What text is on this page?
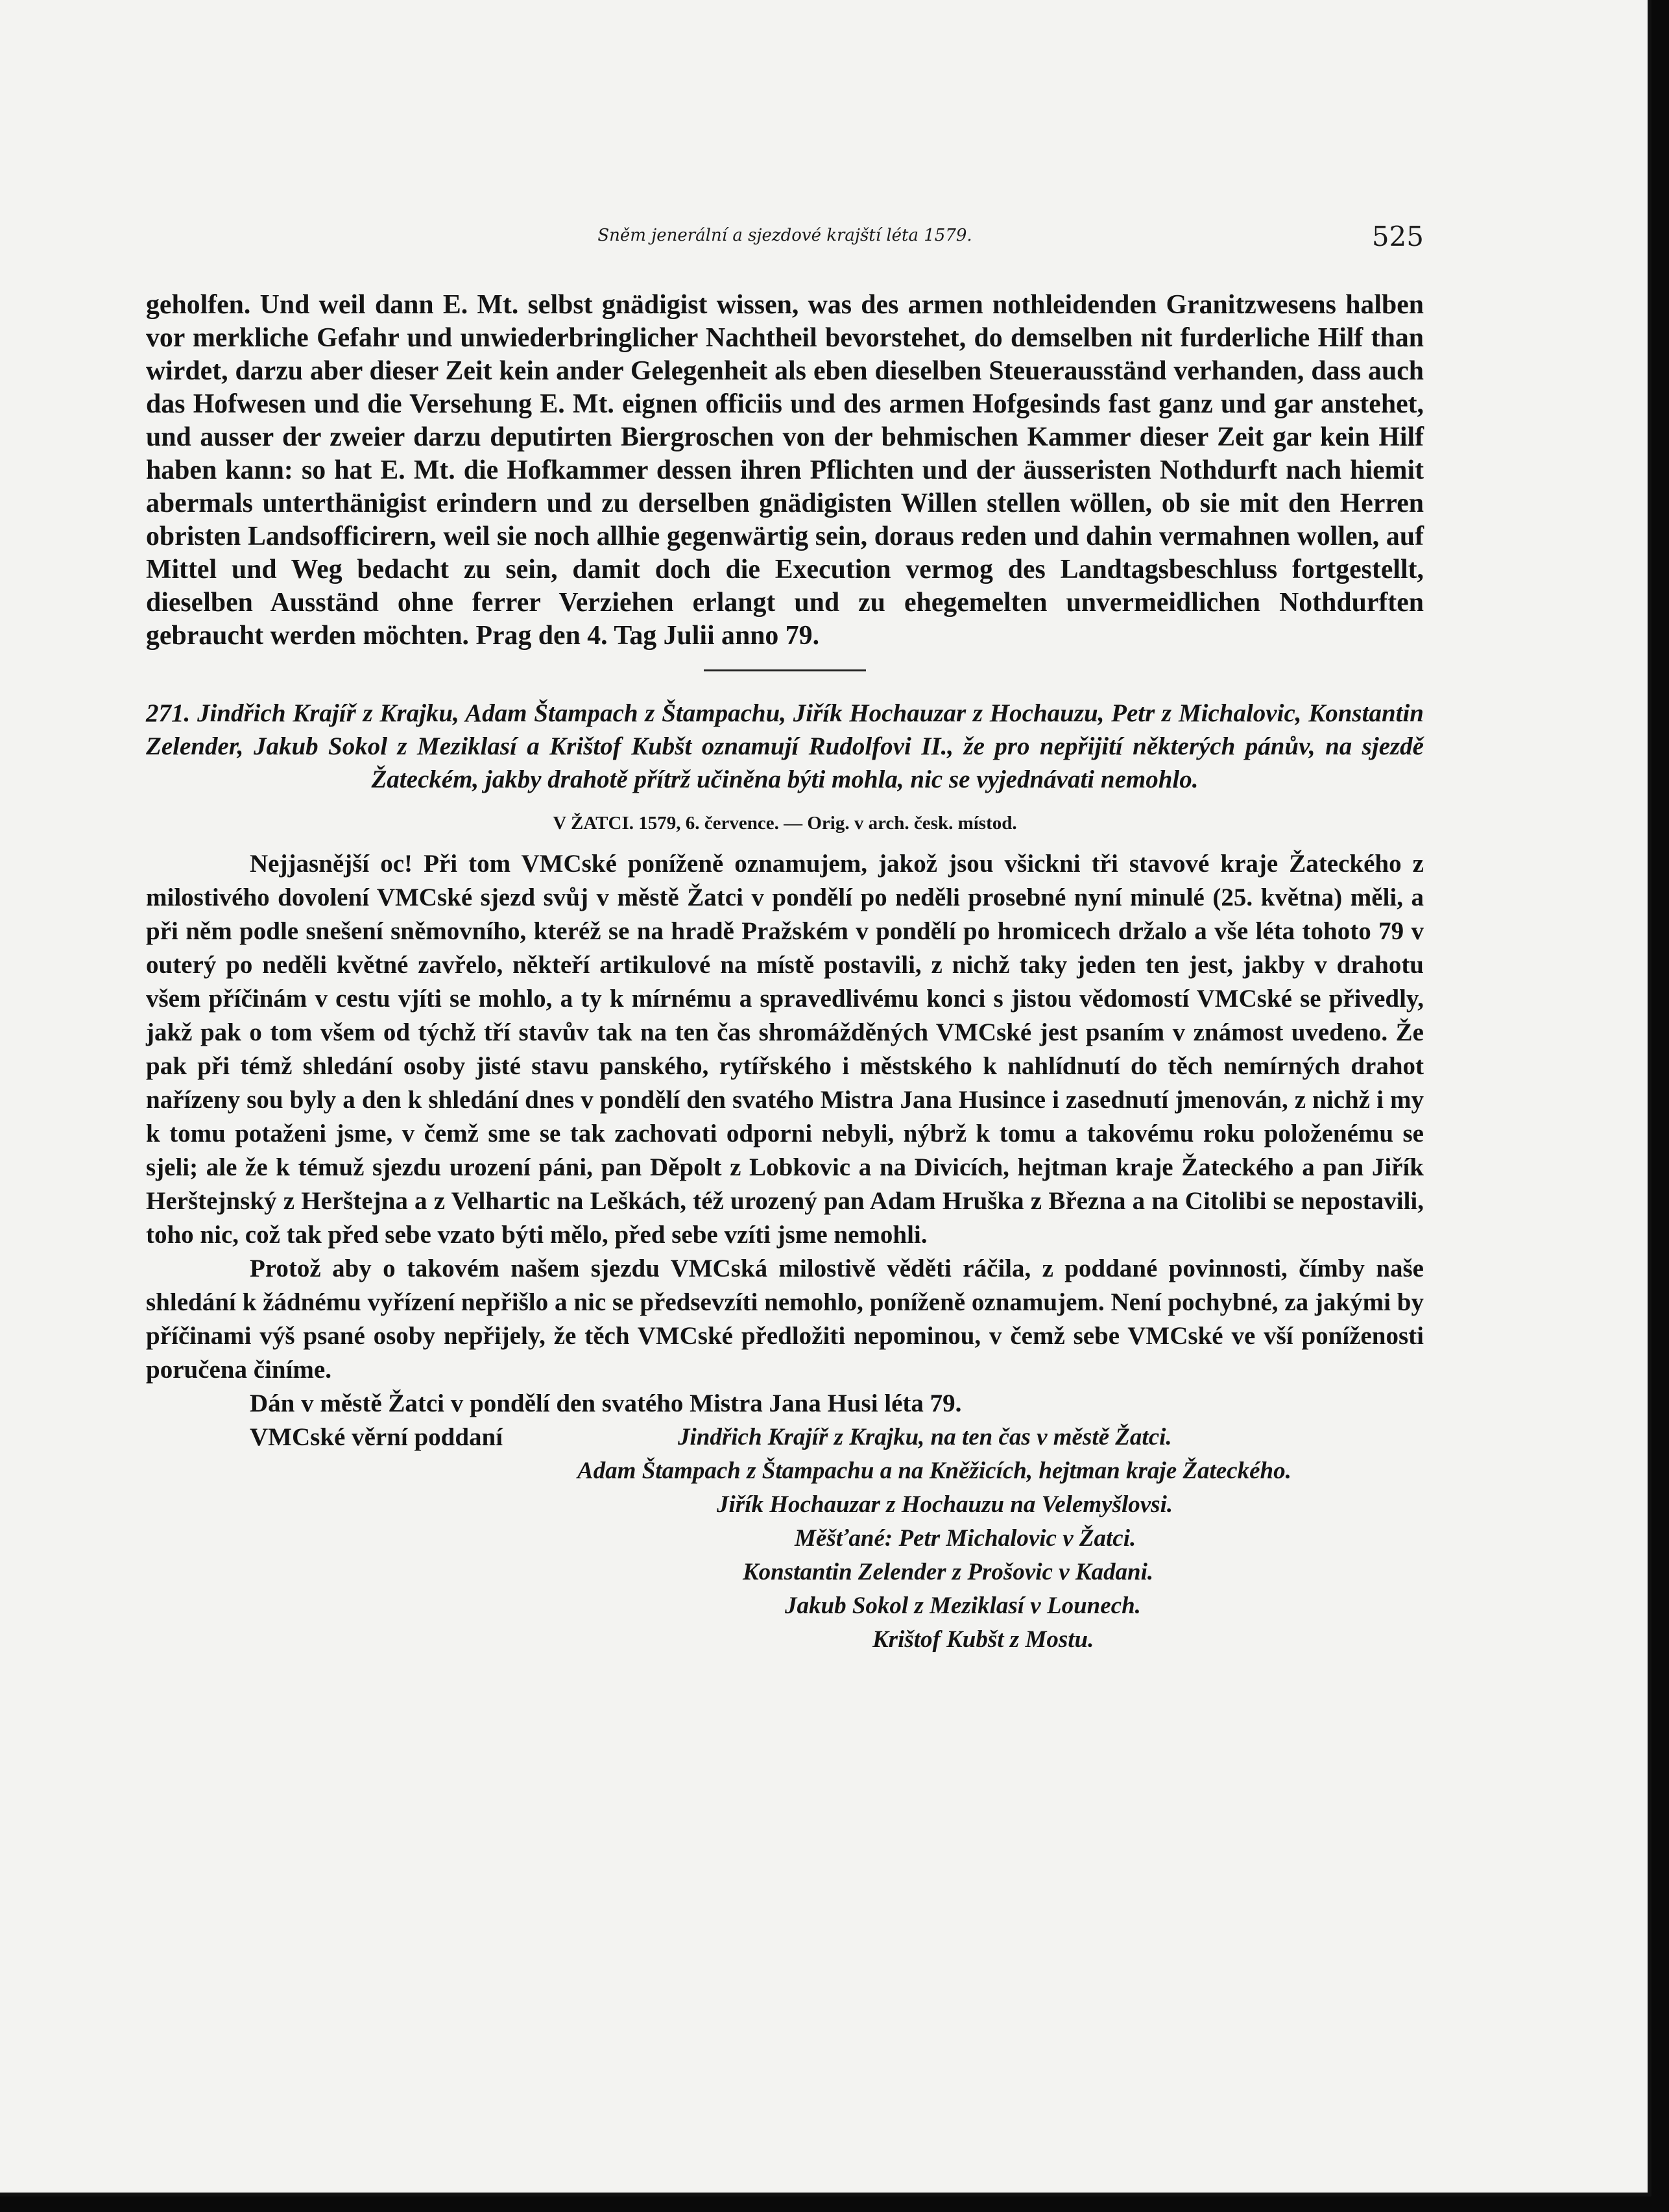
Sněm jenerální a sjezdové krajští léta 1579.	525

geholfen. Und weil dann E. Mt. selbst gnädigist wissen, was des armen nothleidenden Granitzwesens halben vor merkliche Gefahr und unwiederbringlicher Nachtheil bevorstehet, do demselben nit furderliche Hilf than wirdet, darzu aber dieser Zeit kein ander Gelegenheit als eben dieselben Steuerausständ verhanden, dass auch das Hofwesen und die Versehung E. Mt. eignen officiis und des armen Hofgesinds fast ganz und gar anstehet, und ausser der zweier darzu deputirten Biergroschen von der behmischen Kammer dieser Zeit gar kein Hilf haben kann: so hat E. Mt. die Hofkammer dessen ihren Pflichten und der äusseristen Nothdurft nach hiemit abermals unterthänigist erindern und zu derselben gnädigisten Willen stellen wöllen, ob sie mit den Herren obristen Landsofficirern, weil sie noch allhie gegenwärtig sein, doraus reden und dahin vermahnen wollen, auf Mittel und Weg bedacht zu sein, damit doch die Execution vermog des Landtagsbeschluss fortgestellt, dieselben Ausständ ohne ferrer Verziehen erlangt und zu ehegemelten unvermeidlichen Nothdurften gebraucht werden möchten. Prag den 4. Tag Julii anno 79.

271. Jindřich Krajíř z Krajku, Adam Štampach z Štampachu, Jiřík Hochauzar z Hochauzu, Petr z Michalovic, Konstantin Zelender, Jakub Sokol z Meziklasí a Krištof Kubšt oznamují Rudolfovi II., že pro nepřijití některých pánův, na sjezdě Žateckém, jakby drahotě přítrž učiněna býti mohla, nic se vyjednávati nemohlo.

V ŽATCI. 1579, 6. července. — Orig. v arch. česk. místod.

Nejjasnější oc! Při tom VMCské poníženě oznamujem, jakož jsou všickni tři stavové kraje Žateckého z milostivého dovolení VMCské sjezd svůj v městě Žatci v pondělí po neděli prosebné nyní minulé (25. května) měli, a při něm podle snešení sněmovního, kteréž se na hradě Pražském v pondělí po hromicech držalo a vše léta tohoto 79 v outerý po neděli květné zavřelo, někteří artikulové na místě postavili, z nichž taky jeden ten jest, jakby v drahotu všem příčinám v cestu vjíti se mohlo, a ty k mírnému a spravedlivému konci s jistou vědomostí VMCské se přivedly, jakž pak o tom všem od týchž tří stavův tak na ten čas shromážděných VMCské jest psaním v známost uvedeno. Že pak při témž shledání osoby jisté stavu panského, rytířského i městského k nahlídnutí do těch nemírných drahot nařízeny sou byly a den k shledání dnes v pondělí den svatého Mistra Jana Husince i zasednutí jmenován, z nichž i my k tomu potaženi jsme, v čemž sme se tak zachovati odporni nebyli, nýbrž k tomu a takovému roku položenému se sjeli; ale že k témuž sjezdu urození páni, pan Děpolt z Lobkovic a na Divicích, hejtman kraje Žateckého a pan Jiřík Herštejnský z Herštejna a z Velhartic na Leškách, též urozený pan Adam Hruška z Března a na Citolibi se nepostavili, toho nic, což tak před sebe vzato býti mělo, před sebe vzíti jsme nemohli.

Protož aby o takovém našem sjezdu VMCská milostivě věděti ráčila, z poddané povinnosti, čímby naše shledání k žádnému vyřízení nepřišlo a nic se předsevzíti nemohlo, poníženě oznamujem. Není pochybné, za jakými by příčinami výš psané osoby nepřijely, že těch VMCské předložiti nepominou, v čemž sebe VMCské ve vší poníženosti poručena činíme.

Dán v městě Žatci v pondělí den svatého Mistra Jana Husi léta 79.

VMCské věrní poddaní	Jindřich Krajíř z Krajku, na ten čas v městě Žatci.
Adam Štampach z Štampachu a na Kněžicích, hejtman kraje Žateckého.
Jiřík Hochauzar z Hochauzu na Velemyšlovsi.
Měšťané: Petr Michalovic v Žatci.
Konstantin Zelender z Prošovic v Kadani.
Jakub Sokol z Meziklasí v Lounech.
Krištof Kubšt z Mostu.
